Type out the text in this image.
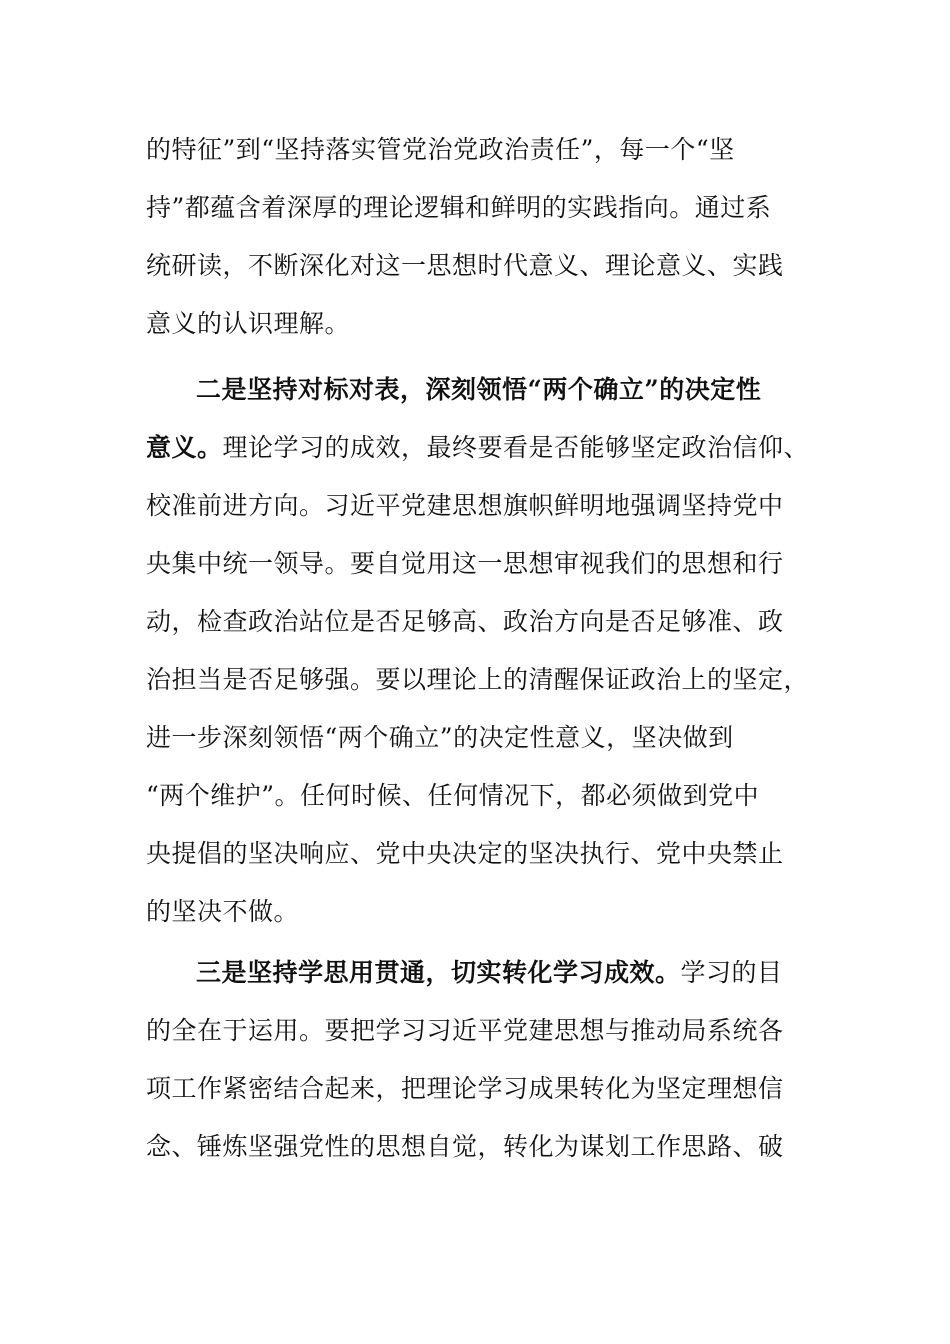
的特征”到“坚持落实管党治党政治责任”，每一个“坚
持”都蕴含着深厚的理论逻辑和鲜明的实践指向。通过系
统研读，不断深化对这一思想时代意义、理论意义、实践
意义的认识理解。
二是坚持对标对表，深刻领悟“两个确立”的决定性
意义。理论学习的成效，最终要看是否能够坚定政治信仰、
校准前进方向。习近平党建思想旗帜鲜明地强调坚持党中
央集中统一领导。要自觉用这一思想审视我们的思想和行
动，检查政治站位是否足够高、政治方向是否足够准、政
治担当是否足够强。要以理论上的清醒保证政治上的坚定，
进一步深刻领悟“两个确立”的决定性意义，坚决做到
“两个维护”。任何时候、任何情况下，都必须做到党中
央提倡的坚决响应、党中央决定的坚决执行、党中央禁止
的坚决不做。
三是坚持学思用贯通，切实转化学习成效。学习的目
的全在于运用。要把学习习近平党建思想与推动局系统各
项工作紧密结合起来，把理论学习成果转化为坚定理想信
念、锤炼坚强党性的思想自觉，转化为谋划工作思路、破
